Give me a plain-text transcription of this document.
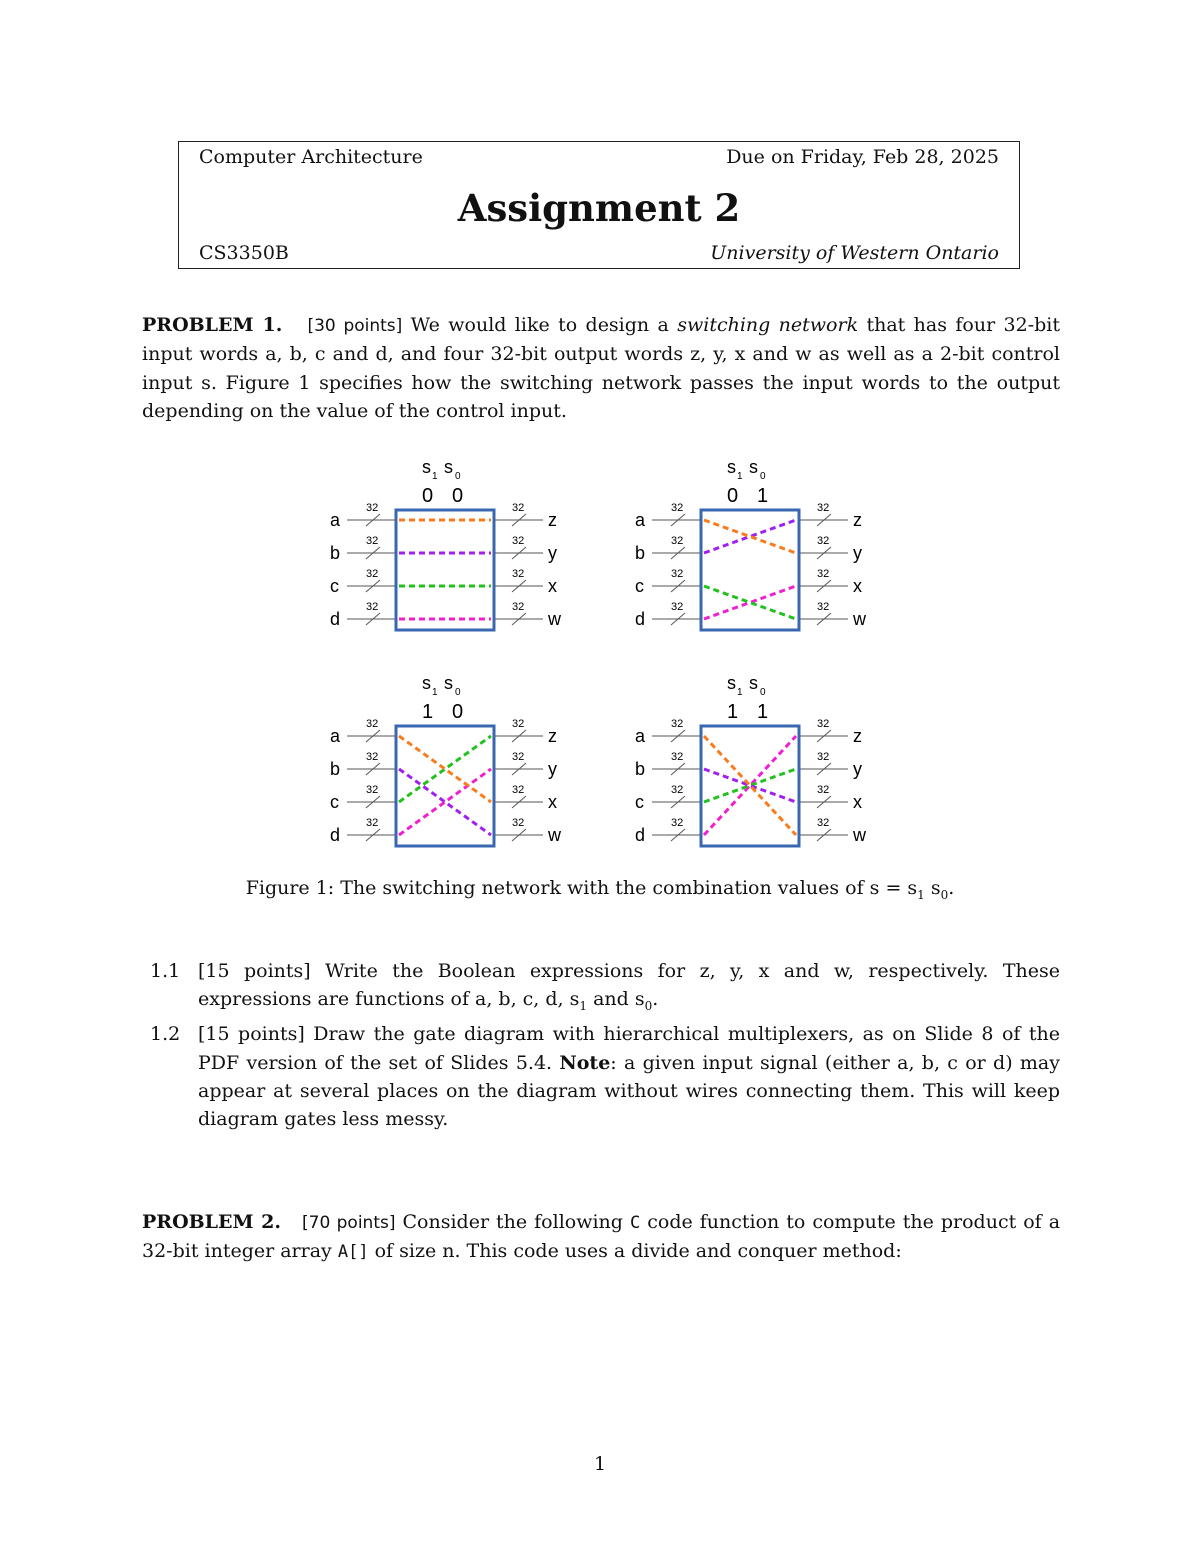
Computer Architecture	Due on Friday, Feb 28, 2025
Assignment 2
CS3350B	University of Western Ontario
PROBLEM 1. [30 points] We would like to design a switching network that has four 32-bit input words a, b, c and d, and four 32-bit output words z, y, x and w as well as a 2-bit control input s. Figure 1 specifies how the switching network passes the input words to the output depending on the value of the control input.
s 1 s 0
0 0
a	z
32	32
b	y
32	32
c	x
32	32
d	w
32	32
s 1 s 0
0 1
a	z
32	32
b	y
32	32
c	x
32	32
d	w
32	32
s 1 s 0
1 0
a	z
32	32
b	y
32	32
c	x
32	32
d	w
32	32
s 1 s 0
1 1
a	z
32	32
b	y
32	32
c	x
32	32
d	w
32	32
Figure 1: The switching network with the combination values of $s = s_1$ $s_0$.
1.1 [15 points] Write the Boolean expressions for z, y, x and w, respectively. These expressions are functions of a, b, c, d, $s_1$ and $s_0$.
1.2 [15 points] Draw the gate diagram with hierarchical multiplexers, as on Slide 8 of the PDF version of the set of Slides 5.4. Note: a given input signal (either a, b, c or d) may appear at several places on the diagram without wires connecting them. This will keep diagram gates less messy.
PROBLEM 2. [70 points] Consider the following C code function to compute the product of a 32-bit integer array A[] of size n. This code uses a divide and conquer method:
1
